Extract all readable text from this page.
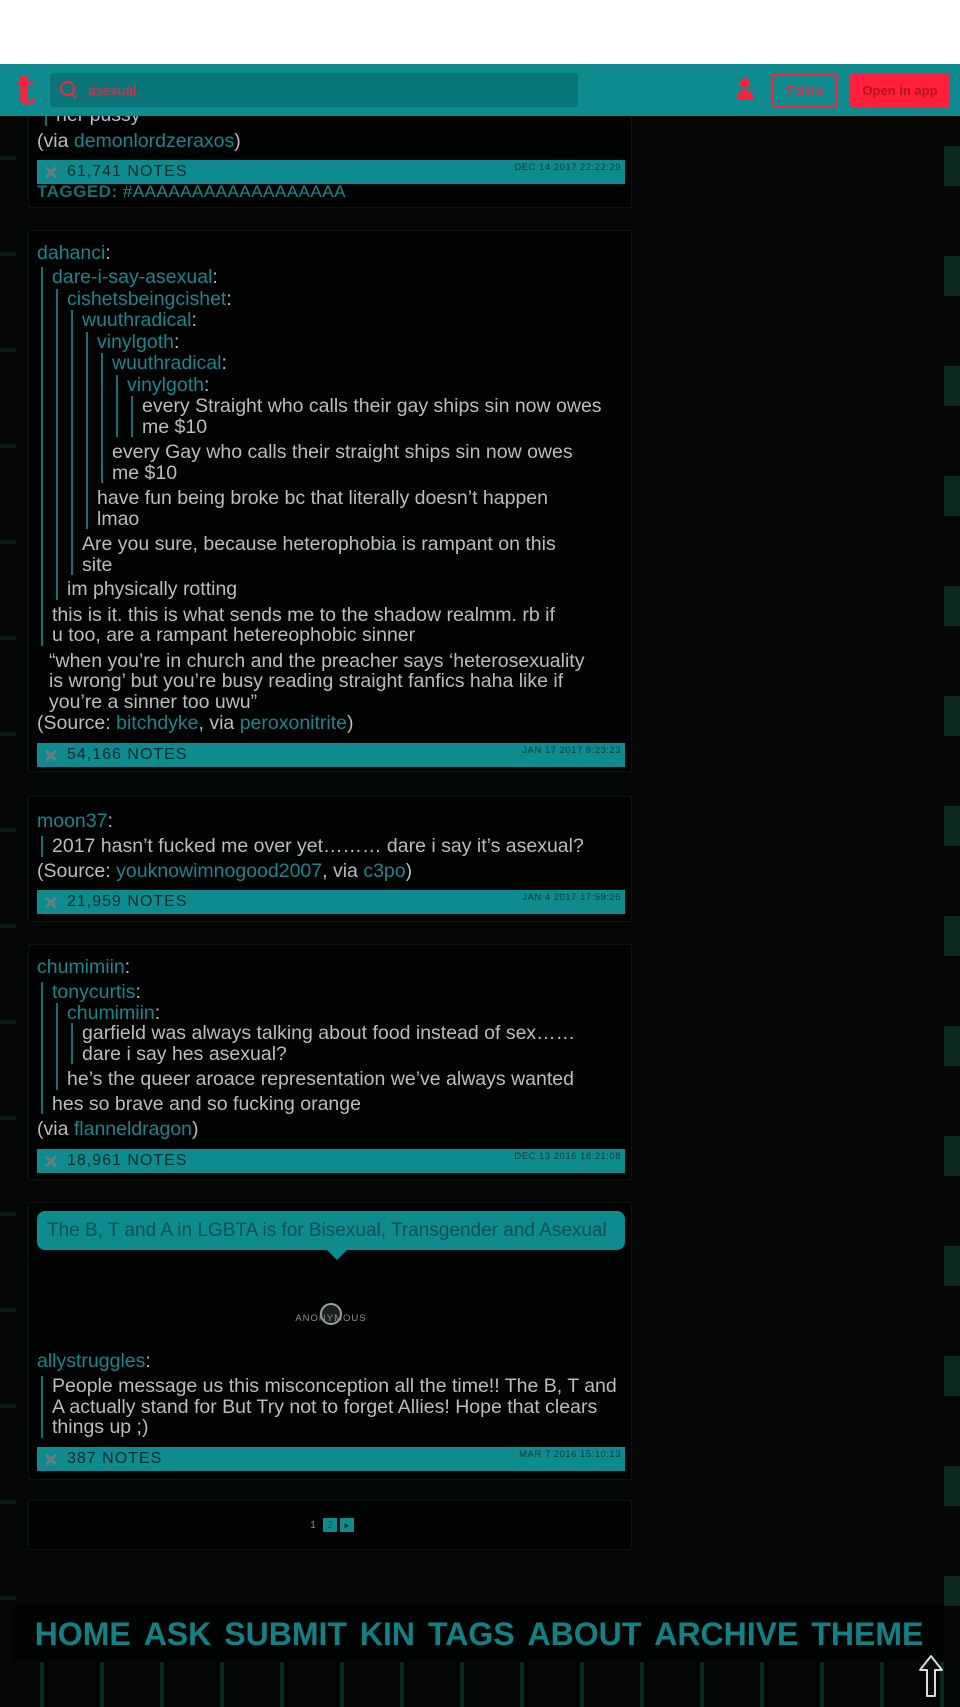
(via demonlordzeraxos)
61,741 NOTES	DEC 14 2017 22:22:29
TAGGED: #AAAAAAAAAAAAAAAAAA
t	asexual	Follow	Open in app
dahanci:
dare-i-say-asexual:
cishetsbeingcishet:
wuuthradical:
vinylgoth:
wuuthradical:
vinylgoth:
every Straight who calls their gay ships sin now owes
me $10
every Gay who calls their straight ships sin now owes
me $10
have fun being broke bc that literally doesn’t happen
lmao
Are you sure, because heterophobia is rampant on this
site
im physically rotting
this is it. this is what sends me to the shadow realmm. rb if
u too, are a rampant hetereophobic sinner
“when you’re in church and the preacher says ‘heterosexuality
is wrong’ but you’re busy reading straight fanfics haha like if
you’re a sinner too uwu”
(Source: bitchdyke, via peroxonitrite)
54,166 NOTES	JAN 17 2017 9:23:23
moon37:
2017 hasn’t fucked me over yet……… dare i say it’s asexual?
(Source: youknowimnogood2007, via c3po)
21,959 NOTES	JAN 4 2017 17:59:26
chumimiin:
tonycurtis:
chumimiin:
garfield was always talking about food instead of sex……
dare i say hes asexual?
he’s the queer aroace representation we’ve always wanted
hes so brave and so fucking orange
(via flanneldragon)
18,961 NOTES	DEC 13 2016 18:21:08
The B, T and A in LGBTA is for Bisexual, Transgender and Asexual
ANONYMOUS
allystruggles:
People message us this misconception all the time!! The B, T and A actually stand for But Try not to forget Allies! Hope that clears things up ;)
387 NOTES	MAR 7 2016 15:10:13
1	2	►
HOME ASK SUBMIT KIN TAGS ABOUT ARCHIVE THEME
